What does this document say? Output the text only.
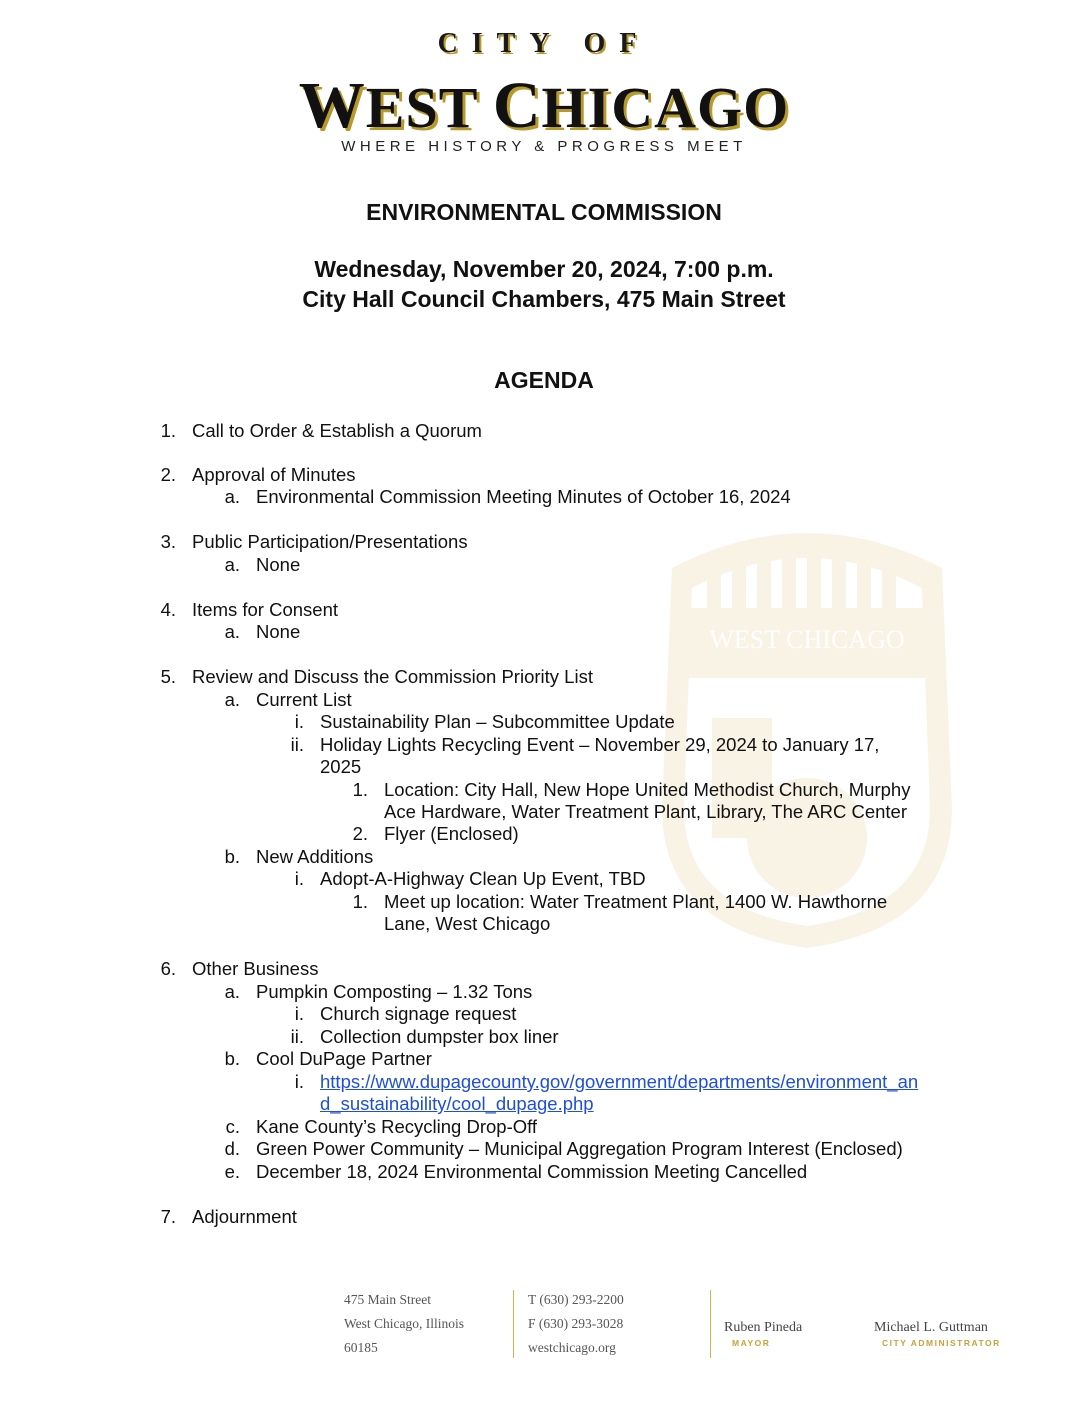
WEST CHICAGO
CITY OF
WEST CHICAGO
WHERE HISTORY & PROGRESS MEET
ENVIRONMENTAL COMMISSION
Wednesday, November 20, 2024, 7:00 p.m.
City Hall Council Chambers, 475 Main Street
AGENDA
1. Call to Order & Establish a Quorum
2. Approval of Minutes
a. Environmental Commission Meeting Minutes of October 16, 2024
3. Public Participation/Presentations
a. None
4. Items for Consent
a. None
5. Review and Discuss the Commission Priority List
a. Current List
i. Sustainability Plan – Subcommittee Update
ii. Holiday Lights Recycling Event – November 29, 2024 to January 17,
2025
1. Location: City Hall, New Hope United Methodist Church, Murphy
Ace Hardware, Water Treatment Plant, Library, The ARC Center
2. Flyer (Enclosed)
b. New Additions
i. Adopt-A-Highway Clean Up Event, TBD
1. Meet up location: Water Treatment Plant, 1400 W. Hawthorne
Lane, West Chicago
6. Other Business
a. Pumpkin Composting – 1.32 Tons
i. Church signage request
ii. Collection dumpster box liner
b. Cool DuPage Partner
i. https://www.dupagecounty.gov/government/departments/environment_an
d_sustainability/cool_dupage.php
c. Kane County’s Recycling Drop-Off
d. Green Power Community – Municipal Aggregation Program Interest (Enclosed)
e. December 18, 2024 Environmental Commission Meeting Cancelled
7. Adjournment
475 Main Street
West Chicago, Illinois
60185
T (630) 293-2200
F (630) 293-3028
westchicago.org
Ruben Pineda
MAYOR
Michael L. Guttman
CITY ADMINISTRATOR
